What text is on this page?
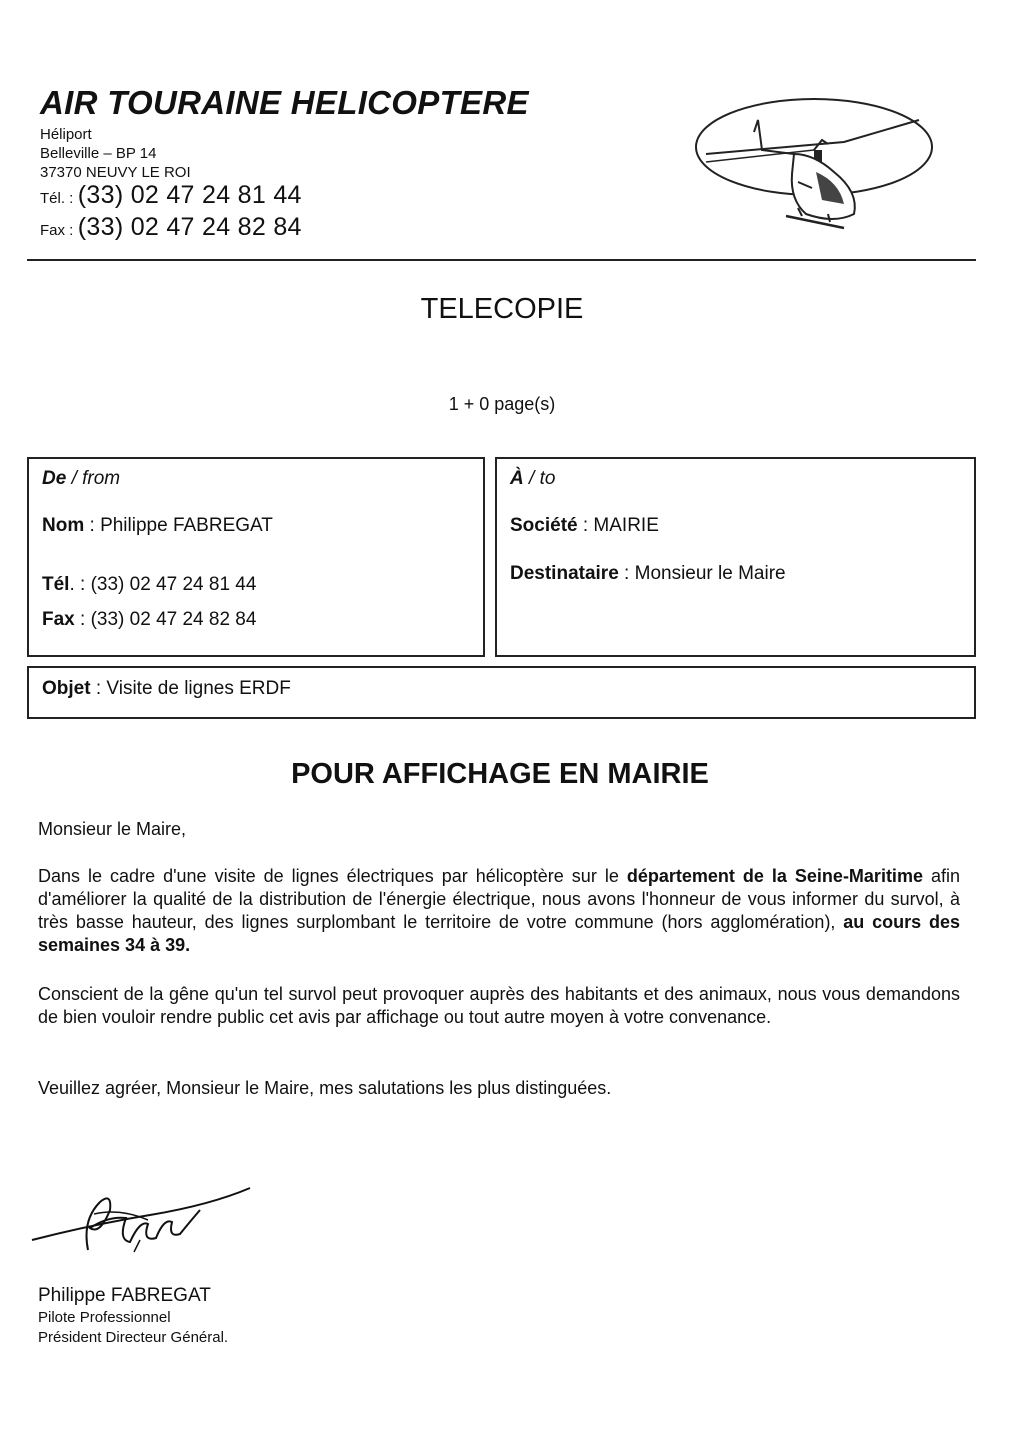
AIR TOURAINE HELICOPTERE
Héliport
Belleville – BP 14
37370 NEUVY LE ROI
Tél. : (33) 02 47 24 81 44
Fax : (33) 02 47 24 82 84
TELECOPIE
1 + 0 page(s)
De / from
Nom : Philippe FABREGAT
Tél. : (33) 02 47 24 81 44
Fax : (33) 02 47 24 82 84
À / to
Société : MAIRIE
Destinataire : Monsieur le Maire
Objet : Visite de lignes ERDF
POUR AFFICHAGE EN MAIRIE
Monsieur le Maire,
Dans le cadre d'une visite de lignes électriques par hélicoptère sur le département de la Seine-Maritime afin d'améliorer la qualité de la distribution de l'énergie électrique, nous avons l'honneur de vous informer du survol, à très basse hauteur, des lignes surplombant le territoire de votre commune (hors agglomération), au cours des semaines 34 à 39.
Conscient de la gêne qu'un tel survol peut provoquer auprès des habitants et des animaux, nous vous demandons de bien vouloir rendre public cet avis par affichage ou tout autre moyen à votre convenance.
Veuillez agréer, Monsieur le Maire, mes salutations les plus distinguées.
Philippe FABREGAT
Pilote Professionnel
Président Directeur Général.
